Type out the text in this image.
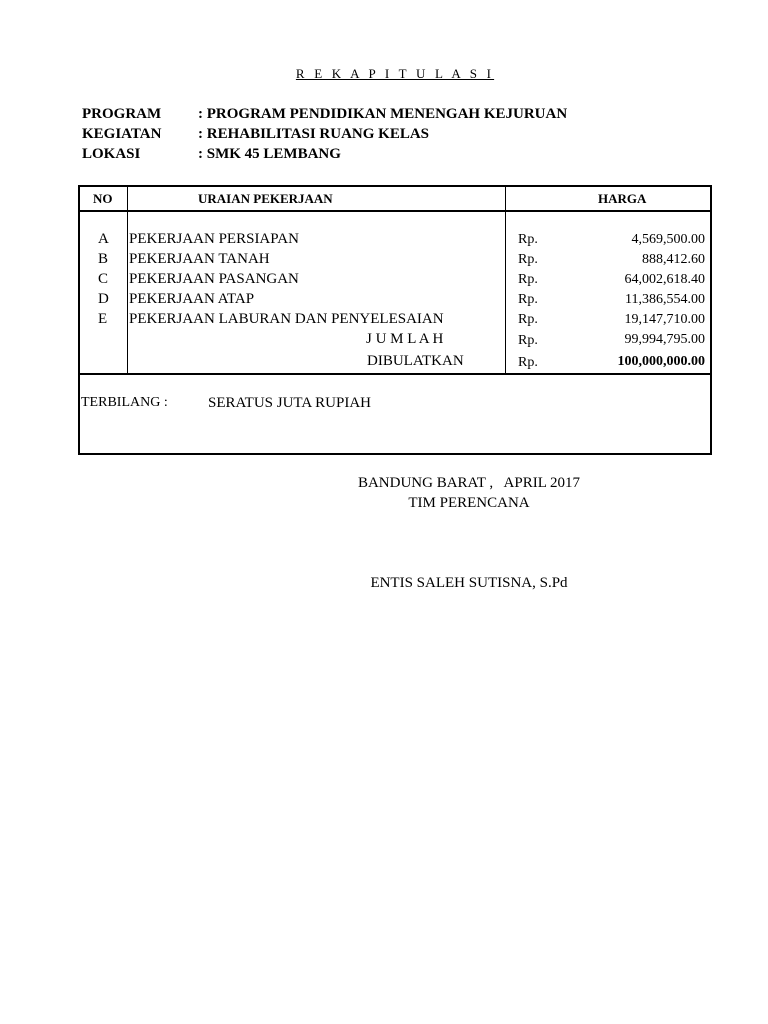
R E K A P I T U L A S I
PROGRAM : PROGRAM PENDIDIKAN MENENGAH KEJURUAN
KEGIATAN : REHABILITASI RUANG KELAS
LOKASI	: SMK 45 LEMBANG
NO	URAIAN PEKERJAAN	HARGA
A PEKERJAAN PERSIAPAN	Rp.	4,569,500.00
B PEKERJAAN TANAH	Rp.	888,412.60
C PEKERJAAN PASANGAN	Rp.	64,002,618.40
D PEKERJAAN ATAP	Rp.	11,386,554.00
E PEKERJAAN LABURAN DAN PENYELESAIAN	Rp.	19,147,710.00
J U M L A H	Rp.	99,994,795.00
DIBULATKAN	Rp.	100,000,000.00
TERBILANG :	SERATUS JUTA RUPIAH
BANDUNG BARAT ,   APRIL 2017
TIM PERENCANA
ENTIS SALEH SUTISNA, S.Pd
